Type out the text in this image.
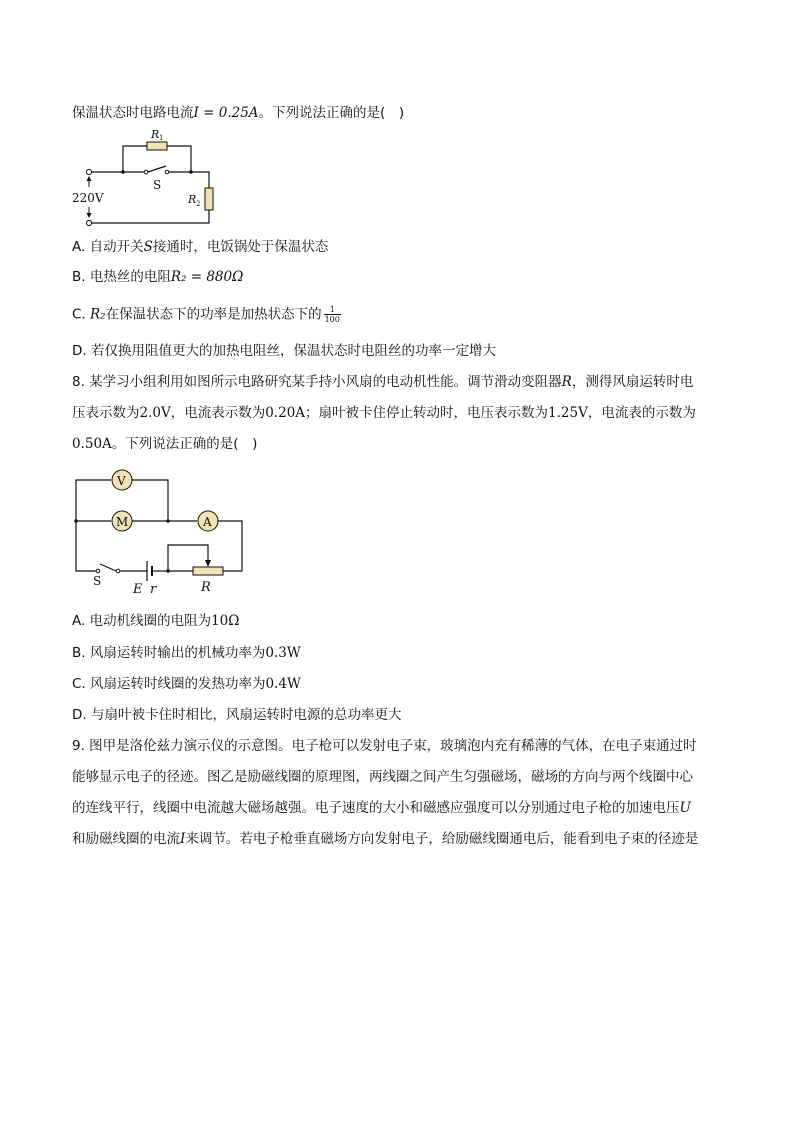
保温状态时电路电流I = 0.25A。下列说法正确的是(　)
R 1
S
R 2
220V
A. 自动开关S接通时，电饭锅处于保温状态
B. 电热丝的电阻R₂ = 880Ω
C. R₂在保温状态下的功率是加热状态下的 $\frac{1}{100}$
D. 若仅换用阻值更大的加热电阻丝，保温状态时电阻丝的功率一定增大
8. 某学习小组利用如图所示电路研究某手持小风扇的电动机性能。调节滑动变阻器R，测得风扇运转时电
压表示数为2.0V，电流表示数为0.20A；扇叶被卡住停止转动时，电压表示数为1.25V，电流表的示数为
0.50A。下列说法正确的是(　)
V
M	A
R
E r
S
A. 电动机线圈的电阻为10Ω
B. 风扇运转时输出的机械功率为0.3W
C. 风扇运转时线圈的发热功率为0.4W
D. 与扇叶被卡住时相比，风扇运转时电源的总功率更大
9. 图甲是洛伦兹力演示仪的示意图。电子枪可以发射电子束，玻璃泡内充有稀薄的气体，在电子束通过时
能够显示电子的径迹。图乙是励磁线圈的原理图，两线圈之间产生匀强磁场，磁场的方向与两个线圈中心
的连线平行，线圈中电流越大磁场越强。电子速度的大小和磁感应强度可以分别通过电子枪的加速电压U
和励磁线圈的电流I来调节。若电子枪垂直磁场方向发射电子，给励磁线圈通电后，能看到电子束的径迹是
